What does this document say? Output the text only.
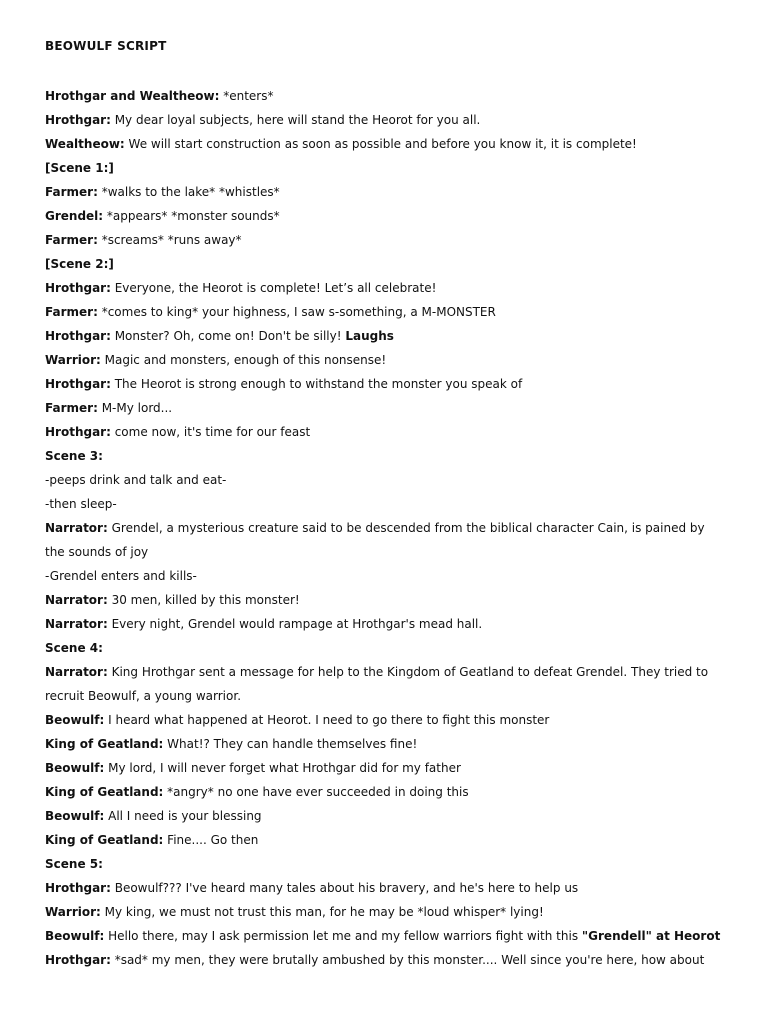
BEOWULF SCRIPT
Hrothgar and Wealtheow: *enters*
Hrothgar: My dear loyal subjects, here will stand the Heorot for you all.
Wealtheow: We will start construction as soon as possible and before you know it, it is complete!
[Scene 1:]
Farmer: *walks to the lake* *whistles*
Grendel: *appears* *monster sounds*
Farmer: *screams* *runs away*
[Scene 2:]
Hrothgar: Everyone, the Heorot is complete! Let’s all celebrate!
Farmer: *comes to king* your highness, I saw s-something, a M-MONSTER
Hrothgar: Monster? Oh, come on! Don't be silly! Laughs
Warrior: Magic and monsters, enough of this nonsense!
Hrothgar: The Heorot is strong enough to withstand the monster you speak of
Farmer: M-My lord...
Hrothgar: come now, it's time for our feast
Scene 3:
-peeps drink and talk and eat-
-then sleep-
Narrator: Grendel, a mysterious creature said to be descended from the biblical character Cain, is pained by
the sounds of joy
-Grendel enters and kills-
Narrator: 30 men, killed by this monster!
Narrator: Every night, Grendel would rampage at Hrothgar's mead hall.
Scene 4:
Narrator: King Hrothgar sent a message for help to the Kingdom of Geatland to defeat Grendel. They tried to
recruit Beowulf, a young warrior.
Beowulf: I heard what happened at Heorot. I need to go there to fight this monster
King of Geatland: What!? They can handle themselves fine!
Beowulf: My lord, I will never forget what Hrothgar did for my father
King of Geatland: *angry* no one have ever succeeded in doing this
Beowulf: All I need is your blessing
King of Geatland: Fine.... Go then
Scene 5:
Hrothgar: Beowulf??? I've heard many tales about his bravery, and he's here to help us
Warrior: My king, we must not trust this man, for he may be *loud whisper* lying!
Beowulf: Hello there, may I ask permission let me and my fellow warriors fight with this "Grendell" at Heorot
Hrothgar: *sad* my men, they were brutally ambushed by this monster.... Well since you're here, how about
